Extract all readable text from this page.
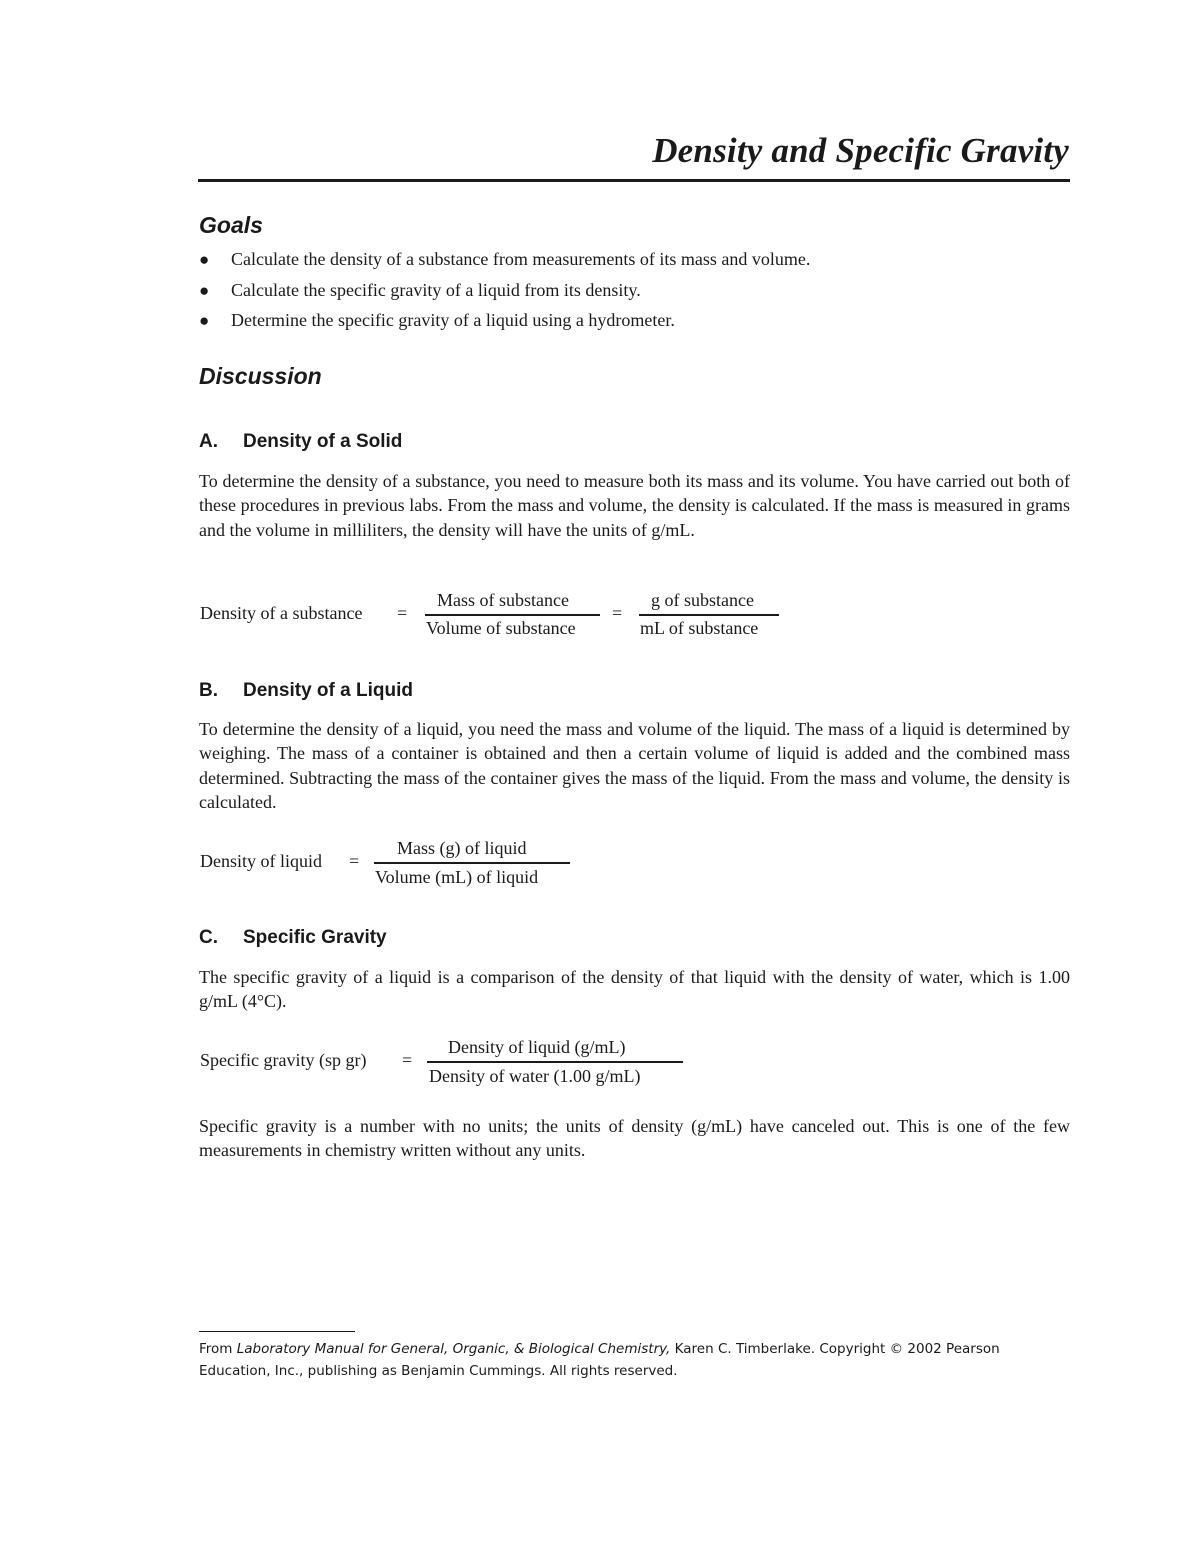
Density and Specific Gravity
Goals
● Calculate the density of a substance from measurements of its mass and volume.
● Calculate the specific gravity of a liquid from its density.
● Determine the specific gravity of a liquid using a hydrometer.
Discussion
A. Density of a Solid
To determine the density of a substance, you need to measure both its mass and its volume. You have carried out both of these procedures in previous labs. From the mass and volume, the density is calculated. If the mass is measured in grams and the volume in milliliters, the density will have the units of g/mL.
Density of a substance =
Mass of substance
Volume of substance
=
g of substance
mL of substance
B. Density of a Liquid
To determine the density of a liquid, you need the mass and volume of the liquid. The mass of a liquid is determined by weighing. The mass of a container is obtained and then a certain volume of liquid is added and the combined mass determined. Subtracting the mass of the container gives the mass of the liquid. From the mass and volume, the density is calculated.
Density of liquid =
Mass (g) of liquid
Volume (mL) of liquid
C. Specific Gravity
The specific gravity of a liquid is a comparison of the density of that liquid with the density of water, which is 1.00 g/mL (4°C).
Specific gravity (sp gr) =
Density of liquid (g/mL)
Density of water (1.00 g/mL)
Specific gravity is a number with no units; the units of density (g/mL) have canceled out. This is one of the few measurements in chemistry written without any units.
From Laboratory Manual for General, Organic, & Biological Chemistry, Karen C. Timberlake. Copyright © 2002 Pearson Education, Inc., publishing as Benjamin Cummings. All rights reserved.
